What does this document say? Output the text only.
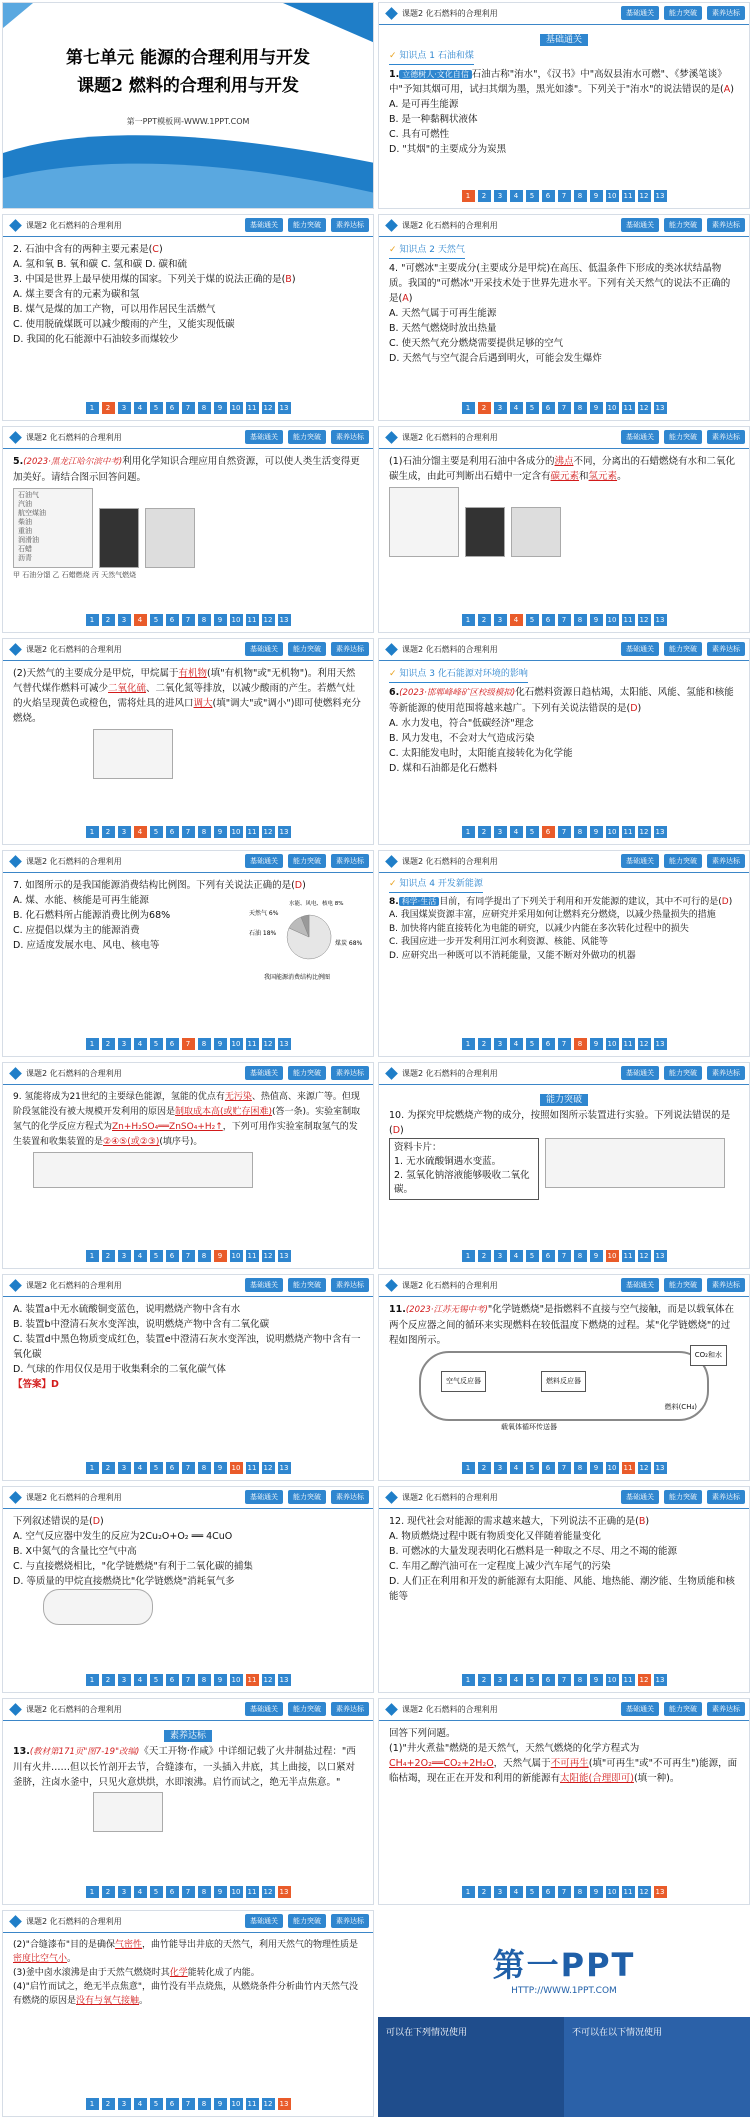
第七单元 能源的合理利用与开发
课题2 燃料的合理利用与开发
第一PPT模板网-WWW.1PPT.COM
课题2 化石燃料的合理利用	基础通关	能力突破	素养达标
基础通关
✓ 知识点 1 石油和煤
1. 立德树人·文化自信 石油古称"洧水"，《汉书》中"高奴县洧水可燃"、《梦溪笔谈》中"予知其烟可用，试扫其烟为墨，黑光如漆"。下列关于"洧水"的说法错误的是(A)
A. 是可再生能源
B. 是一种黏稠状液体
C. 具有可燃性
D. "其烟"的主要成分为炭黑
1	2	3	4	5	6	7	8	9	10 11 12 13
课题2 化石燃料的合理利用	基础通关	能力突破	素养达标
2. 石油中含有的两种主要元素是(C)
A. 氢和氧 B. 氧和碳 C. 氢和碳 D. 碳和硫
3. 中国是世界上最早使用煤的国家。下列关于煤的说法正确的是(B)
A. 煤主要含有的元素为碳和氢
B. 煤气是煤的加工产物，可以用作居民生活燃气
C. 使用脱硫煤既可以减少酸雨的产生，又能实现低碳
D. 我国的化石能源中石油较多而煤较少
1	2	3	4	5	6	7	8	9	10 11 12 13
课题2 化石燃料的合理利用	基础通关	能力突破	素养达标
✓ 知识点 2 天然气
4. "可燃冰"主要成分(主要成分是甲烷)在高压、低温条件下形成的类冰状结晶物质。我国的"可燃冰"开采技术处于世界先进水平。下列有关天然气的说法不正确的是(A)
A. 天然气属于可再生能源
B. 天然气燃烧时放出热量
C. 使天然气充分燃烧需要提供足够的空气
D. 天然气与空气混合后遇到明火，可能会发生爆炸
1	2	3	4	5	6	7	8	9	10 11 12 13
课题2 化石燃料的合理利用	基础通关	能力突破	素养达标
5.(2023·黑龙江哈尔滨中考)利用化学知识合理应用自然资源，可以使人类生活变得更加美好。请结合图示回答问题。
石油气
汽油
航空煤油
柴油
重油
润滑油
石蜡
沥青
甲 石油分馏 乙 石蜡燃烧 丙 天然气燃烧
1	2	3	4	5	6	7	8	9	10 11 12 13
课题2 化石燃料的合理利用	基础通关	能力突破	素养达标
(1)石油分馏主要是利用石油中各成分的沸点不同，分离出的石蜡燃烧有水和二氧化碳生成，由此可判断出石蜡中一定含有碳元素和氢元素。
1	2	3	4	5	6	7	8	9	10 11 12 13
课题2 化石燃料的合理利用	基础通关	能力突破	素养达标
(2)天然气的主要成分是甲烷，甲烷属于有机物(填"有机物"或"无机物")。利用天然气替代煤作燃料可减少二氧化硫、二氧化氮等排放，以减少酸雨的产生。若燃气灶的火焰呈现黄色或橙色，需将灶具的进风口调大(填"调大"或"调小")即可使燃料充分燃烧。
1	2	3	4	5	6	7	8	9	10 11 12 13
课题2 化石燃料的合理利用	基础通关	能力突破	素养达标
✓ 知识点 3 化石能源对环境的影响
6.(2023·邯郸峰峰矿区校级模拟)化石燃料资源日趋枯竭，太阳能、风能、氢能和核能等新能源的使用范围将越来越广。下列有关说法错误的是(D)
A. 水力发电，符合"低碳经济"理念
B. 风力发电，不会对大气造成污染
C. 太阳能发电时，太阳能直接转化为化学能
D. 煤和石油都是化石燃料
1	2	3	4	5	6	7	8	9	10 11 12 13
课题2 化石燃料的合理利用	基础通关	能力突破	素养达标
7. 如图所示的是我国能源消费结构比例图。下列有关说法正确的是(D)
A. 煤、水能、核能是可再生能源
B. 化石燃料所占能源消费比例为68%
C. 应提倡以煤为主的能源消费
D. 应适度发展水电、风电、核电等
天然气 6%
石油 18%
煤炭 68%
水能、风电、核电 8%
我国能源消费结构比例图
1	2	3	4	5	6	7	8	9	10 11 12 13
课题2 化石燃料的合理利用	基础通关	能力突破	素养达标
✓ 知识点 4 开发新能源
8. 科学·生活 目前，有同学提出了下列关于利用和开发能源的建议，其中不可行的是(D)
A. 我国煤炭资源丰富，应研究并采用如何让燃料充分燃烧，以减少热量损失的措施
B. 加快将内能直接转化为电能的研究，以减少内能在多次转化过程中的损失
C. 我国应进一步开发利用江河水利资源、核能、风能等
D. 应研究出一种既可以不消耗能量，又能不断对外做功的机器
1	2	3	4	5	6	7	8	9	10 11 12 13
课题2 化石燃料的合理利用	基础通关	能力突破	素养达标
9. 氢能将成为21世纪的主要绿色能源，氢能的优点有无污染、热值高、来源广等。但现阶段氢能没有被大规模开发利用的原因是制取成本高(或贮存困难)(答一条)。实验室制取氢气的化学反应方程式为Zn+H₂SO₄══ZnSO₄+H₂↑，下列可用作实验室制取氢气的发生装置和收集装置的是②④⑤(或②③)(填序号)。
1	2	3	4	5	6	7	8	9	10 11 12 13
课题2 化石燃料的合理利用	基础通关	能力突破	素养达标
能力突破
10. 为探究甲烷燃烧产物的成分，按照如图所示装置进行实验。下列说法错误的是(D)
资料卡片：
1. 无水硫酸铜遇水变蓝。
2. 氢氧化钠溶液能够吸收二氧化碳。
1	2	3	4	5	6	7	8	9	10 11 12 13
课题2 化石燃料的合理利用	基础通关	能力突破	素养达标
A. 装置a中无水硫酸铜变蓝色，说明燃烧产物中含有水
B. 装置b中澄清石灰水变浑浊，说明燃烧产物中含有二氧化碳
C. 装置d中黑色物质变成红色，装置e中澄清石灰水变浑浊，说明燃烧产物中含有一氧化碳
D. 气球的作用仅仅是用于收集剩余的二氧化碳气体
【答案】D
1	2	3	4	5	6	7	8	9	10 11 12 13
课题2 化石燃料的合理利用	基础通关	能力突破	素养达标
11.(2023·江苏无锡中考)"化学链燃烧"是指燃料不直接与空气接触，而是以载氧体在两个反应器之间的循环来实现燃料在较低温度下燃烧的过程。某"化学链燃烧"的过程如图所示。
空气反应器	燃料反应器
CO₂和水
燃料(CH₄)
载氧体循环传送器
1	2	3	4	5	6	7	8	9	10 11 12 13
课题2 化石燃料的合理利用	基础通关	能力突破	素养达标
下列叙述错误的是(D)
A. 空气反应器中发生的反应为2Cu₂O+O₂ ══ 4CuO
B. X中氮气的含量比空气中高
C. 与直接燃烧相比，"化学链燃烧"有利于二氧化碳的捕集
D. 等质量的甲烷直接燃烧比"化学链燃烧"消耗氧气多
1	2	3	4	5	6	7	8	9	10 11 12 13
课题2 化石燃料的合理利用	基础通关	能力突破	素养达标
12. 现代社会对能源的需求越来越大，下列说法不正确的是(B)
A. 物质燃烧过程中既有物质变化又伴随着能量变化
B. 可燃冰的大量发现表明化石燃料是一种取之不尽、用之不竭的能源
C. 车用乙醇汽油可在一定程度上减少汽车尾气的污染
D. 人们正在利用和开发的新能源有太阳能、风能、地热能、潮汐能、生物质能和核能等
1	2	3	4	5	6	7	8	9	10 11 12 13
课题2 化石燃料的合理利用	基础通关	能力突破	素养达标
素养达标
13.(教材第171页"图7-19"改编)《天工开物·作咸》中详细记载了火井制盐过程："西川有火井……但以长竹剖开去节，合缝漆布，一头插入井底，其上曲接，以口紧对釜脐，注卤水釜中，只见火意烘烘，水即滚沸。启竹而试之，绝无半点焦意。"
1	2	3	4	5	6	7	8	9	10 11 12 13
课题2 化石燃料的合理利用	基础通关	能力突破	素养达标
回答下列问题。
(1)"井火煮盐"燃烧的是天然气，天然气燃烧的化学方程式为CH₄+2O₂══CO₂+2H₂O，天然气属于不可再生(填"可再生"或"不可再生")能源，面临枯竭，现在正在开发和利用的新能源有太阳能(合理即可)(填一种)。
1	2	3	4	5	6	7	8	9	10 11 12 13
课题2 化石燃料的合理利用	基础通关	能力突破	素养达标
(2)"合缝漆布"目的是确保气密性，曲竹能导出井底的天然气，利用天然气的物理性质是密度比空气小。
(3)釜中卤水滚沸是由于天然气燃烧时其化学能转化成了内能。
(4)"启竹而试之，绝无半点焦意"，曲竹没有半点烧焦，从燃烧条件分析曲竹内天然气没有燃烧的原因是没有与氧气接触。
1	2	3	4	5	6	7	8	9	10 11 12 13
第一PPT
HTTP://WWW.1PPT.COM
可以在下列情况使用	不可以在以下情况使用
